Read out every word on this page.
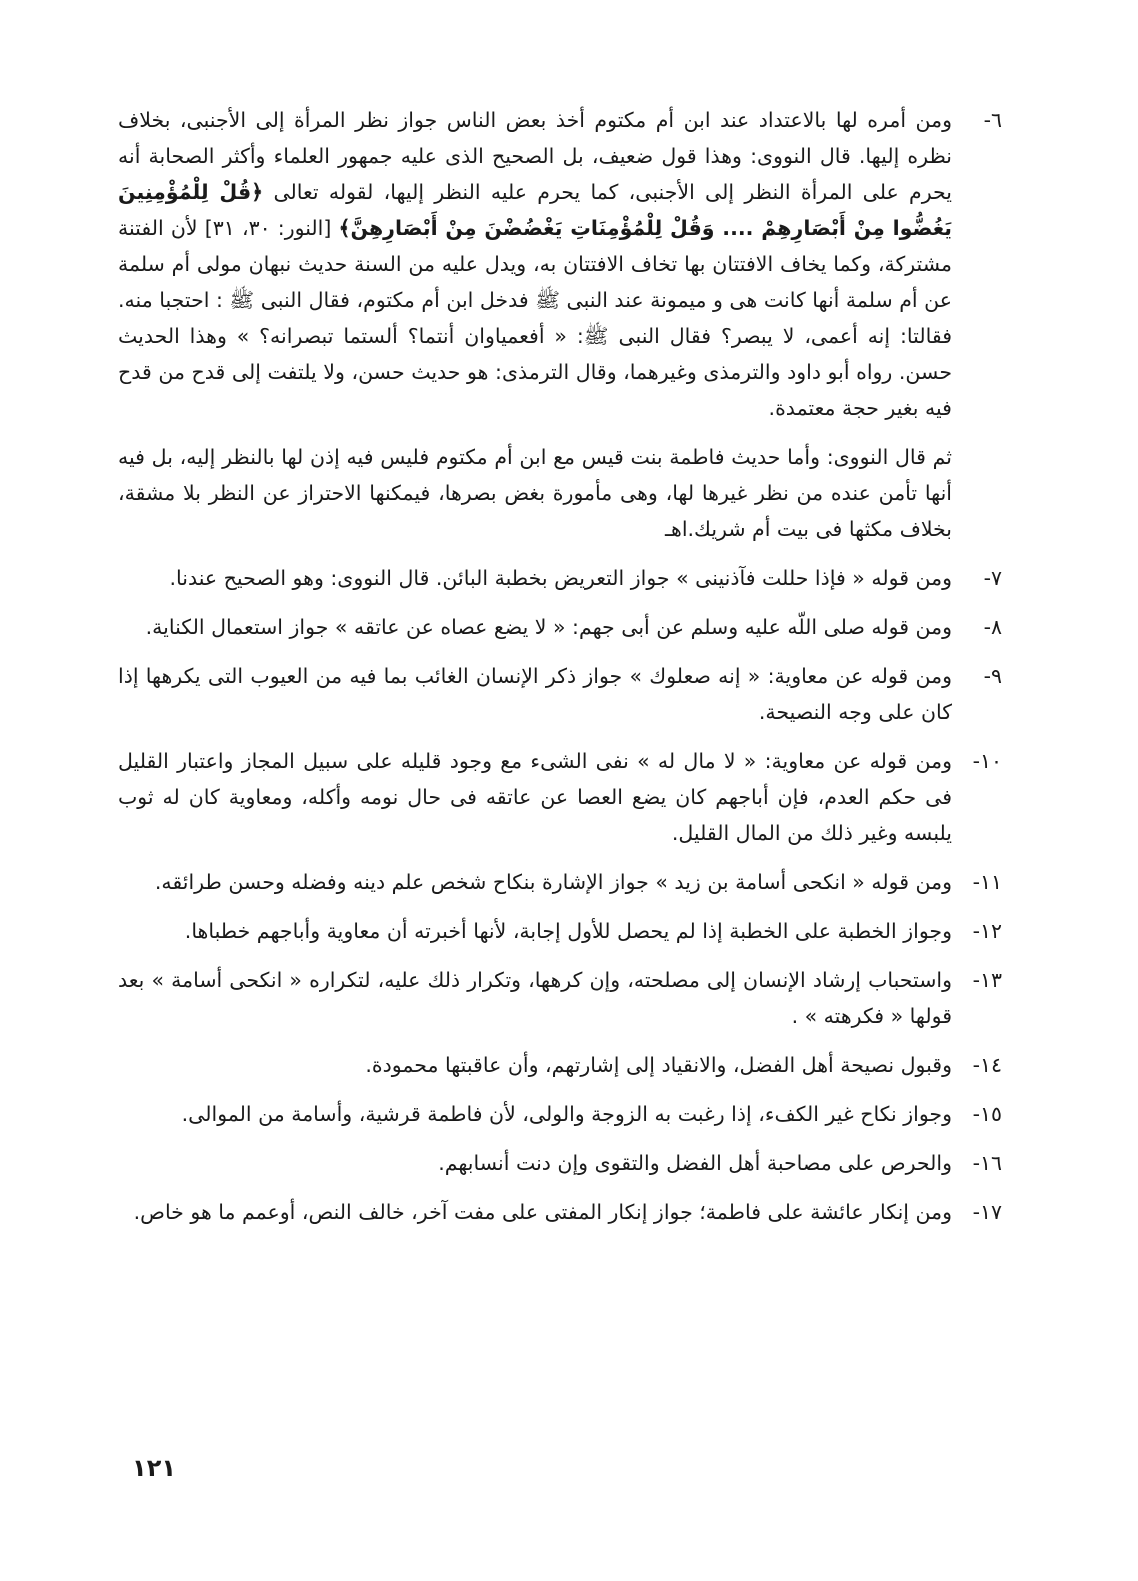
٦-
ومن أمره لها بالاعتداد عند ابن أم مكتوم أخذ بعض الناس جواز نظر المرأة إلى الأجنبى، بخلاف نظره إليها. قال النووى: وهذا قول ضعيف، بل الصحيح الذى عليه جمهور العلماء وأكثر الصحابة أنه يحرم على المرأة النظر إلى الأجنبى، كما يحرم عليه النظر إليها، لقوله تعالى ﴿قُلْ لِلْمُؤْمِنِينَ يَغُضُّوا مِنْ أَبْصَارِهِمْ .... وَقُلْ لِلْمُؤْمِنَاتِ يَغْضُضْنَ مِنْ أَبْصَارِهِنَّ﴾ [النور: ٣٠، ٣١] لأن الفتنة مشتركة، وكما يخاف الافتتان بها تخاف الافتتان به، ويدل عليه من السنة حديث نبهان مولى أم سلمة عن أم سلمة أنها كانت هى و ميمونة عند النبى ﷺ فدخل ابن أم مكتوم، فقال النبى ﷺ : احتجبا منه. فقالتا: إنه أعمى، لا يبصر؟ فقال النبى ﷺ: « أفعمياوان أنتما؟ ألستما تبصرانه؟ » وهذا الحديث حسن. رواه أبو داود والترمذى وغيرهما، وقال الترمذى: هو حديث حسن، ولا يلتفت إلى قدح من قدح فيه بغير حجة معتمدة.
ثم قال النووى: وأما حديث فاطمة بنت قيس مع ابن أم مكتوم فليس فيه إذن لها بالنظر إليه، بل فيه أنها تأمن عنده من نظر غيرها لها، وهى مأمورة بغض بصرها، فيمكنها الاحتراز عن النظر بلا مشقة، بخلاف مكثها فى بيت أم شريك.اهـ
٧-
ومن قوله « فإذا حللت فآذنينى » جواز التعريض بخطبة البائن. قال النووى: وهو الصحيح عندنا.
٨-
ومن قوله صلى اللّه عليه وسلم عن أبى جهم: « لا يضع عصاه عن عاتقه » جواز استعمال الكناية.
٩-
ومن قوله عن معاوية: « إنه صعلوك » جواز ذكر الإنسان الغائب بما فيه من العيوب التى يكرهها إذا كان على وجه النصيحة.
١٠-
ومن قوله عن معاوية: « لا مال له » نفى الشىء مع وجود قليله على سبيل المجاز واعتبار القليل فى حكم العدم، فإن أباجهم كان يضع العصا عن عاتقه فى حال نومه وأكله، ومعاوية كان له ثوب يلبسه وغير ذلك من المال القليل.
١١-
ومن قوله « انكحى أسامة بن زيد » جواز الإشارة بنكاح شخص علم دينه وفضله وحسن طرائقه.
١٢-
وجواز الخطبة على الخطبة إذا لم يحصل للأول إجابة، لأنها أخبرته أن معاوية وأباجهم خطباها.
١٣-
واستحباب إرشاد الإنسان إلى مصلحته، وإن كرهها، وتكرار ذلك عليه، لتكراره « انكحى أسامة » بعد قولها « فكرهته » .
١٤-
وقبول نصيحة أهل الفضل، والانقياد إلى إشارتهم، وأن عاقبتها محمودة.
١٥-
وجواز نكاح غير الكفء، إذا رغبت به الزوجة والولى، لأن فاطمة قرشية، وأسامة من الموالى.
١٦-
والحرص على مصاحبة أهل الفضل والتقوى وإن دنت أنسابهم.
١٧-
ومن إنكار عائشة على فاطمة؛ جواز إنكار المفتى على مفت آخر، خالف النص، أوعمم ما هو خاص.
١٢١
